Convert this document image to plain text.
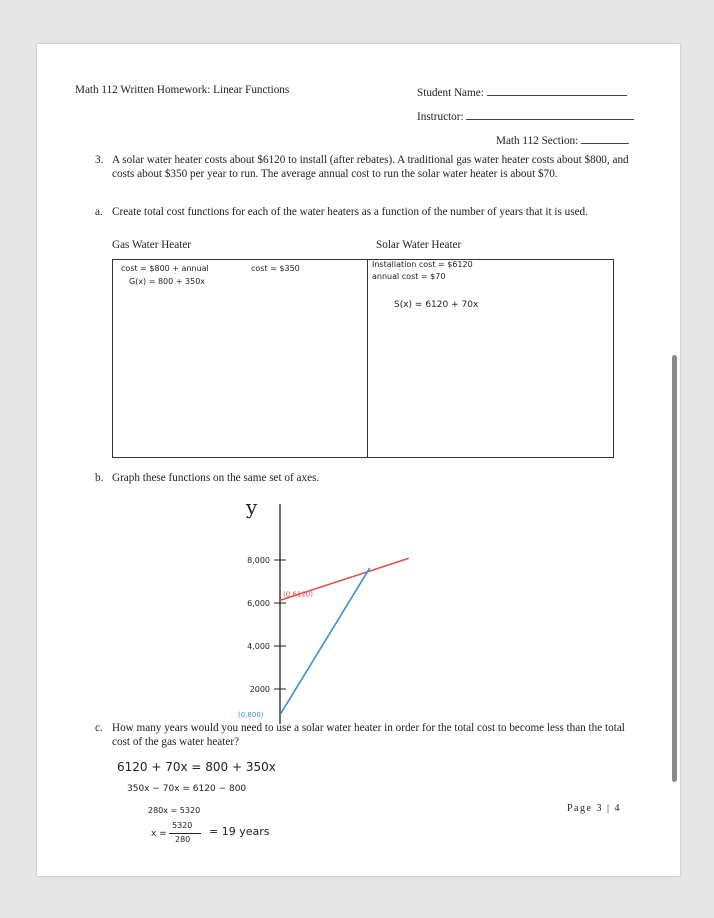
Math 112 Written Homework: Linear Functions	Student Name:
Instructor:
Math 112 Section:
3. A solar water heater costs about $6120 to install (after rebates). A traditional gas water heater costs about $800, and costs about $350 per year to run. The average annual cost to run the solar water heater is about $70.
a. Create total cost functions for each of the water heaters as a function of the number of years that it is used.
Gas Water Heater	Solar Water Heater
cost = $800 + annual	cost = $350
G(x) = 800 + 350x
Installation cost = $6120
annual cost = $70
S(x) = 6120 + 70x
b. Graph these functions on the same set of axes.
y
2000
4,000
6,000
8,000
(0,6120)
(0,800)
c. How many years would you need to use a solar water heater in order for the total cost to become less than the total cost of the gas water heater?
6120 + 70x = 800 + 350x
350x − 70x = 6120 − 800
280x = 5320
x =
5320
280
= 19 years
Page 3 | 4
